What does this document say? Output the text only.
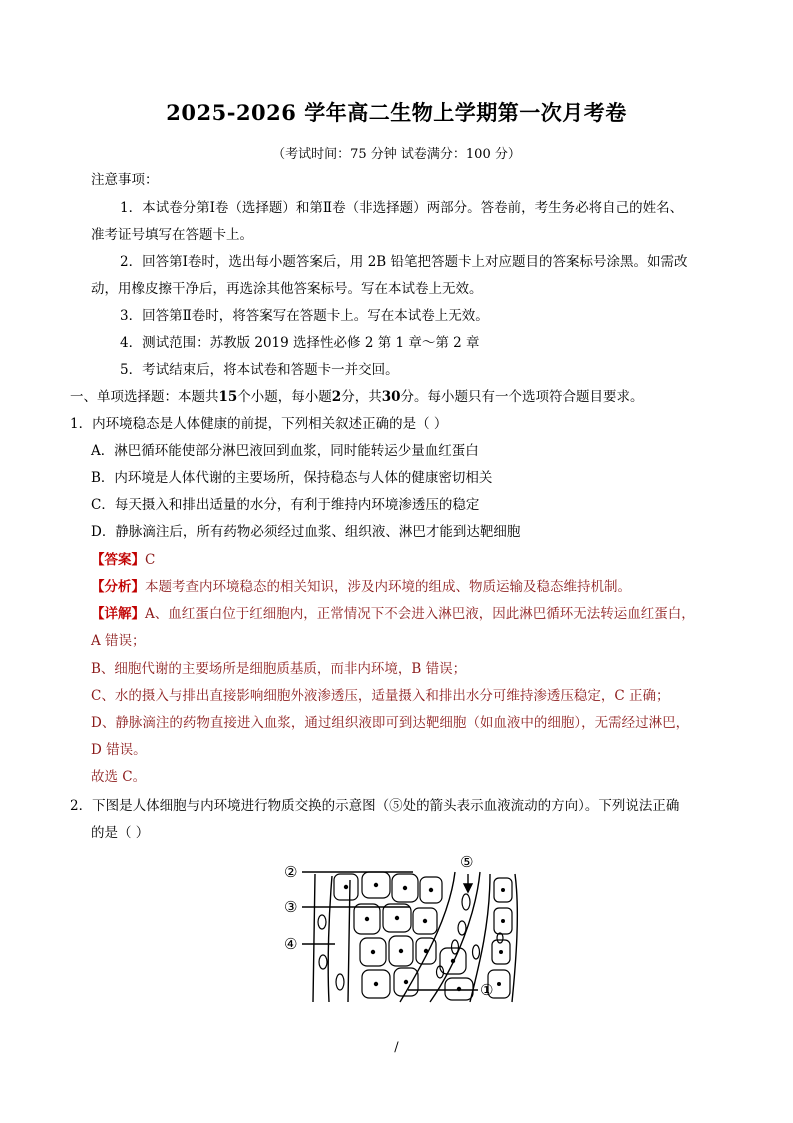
2025-2026 学年高二生物上学期第一次月考卷
（考试时间：75 分钟 试卷满分：100 分）
注意事项：
1．本试卷分第Ⅰ卷（选择题）和第Ⅱ卷（非选择题）两部分。答卷前，考生务必将自己的姓名、
准考证号填写在答题卡上。
2．回答第Ⅰ卷时，选出每小题答案后，用 2B 铅笔把答题卡上对应题目的答案标号涂黑。如需改
动，用橡皮擦干净后，再选涂其他答案标号。写在本试卷上无效。
3．回答第Ⅱ卷时，将答案写在答题卡上。写在本试卷上无效。
4．测试范围：苏教版 2019 选择性必修 2 第 1 章～第 2 章
5．考试结束后，将本试卷和答题卡一并交回。
一、单项选择题：本题共15个小题，每小题2分，共30分。每小题只有一个选项符合题目要求。
1．内环境稳态是人体健康的前提，下列相关叙述正确的是（ ）
A．淋巴循环能使部分淋巴液回到血浆，同时能转运少量血红蛋白
B．内环境是人体代谢的主要场所，保持稳态与人体的健康密切相关
C．每天摄入和排出适量的水分，有利于维持内环境渗透压的稳定
D．静脉滴注后，所有药物必须经过血浆、组织液、淋巴才能到达靶细胞
【答案】C
【分析】本题考查内环境稳态的相关知识，涉及内环境的组成、物质运输及稳态维持机制。
【详解】A、血红蛋白位于红细胞内，正常情况下不会进入淋巴液，因此淋巴循环无法转运血红蛋白，
A 错误；
B、细胞代谢的主要场所是细胞质基质，而非内环境，B 错误；
C、水的摄入与排出直接影响细胞外液渗透压，适量摄入和排出水分可维持渗透压稳定，C 正确；
D、静脉滴注的药物直接进入血浆，通过组织液即可到达靶细胞（如血液中的细胞），无需经过淋巴，
D 错误。
故选 C。
2．下图是人体细胞与内环境进行物质交换的示意图（⑤处的箭头表示血液流动的方向）。下列说法正确
的是（ ）
②
⑤
③
④
①
/
